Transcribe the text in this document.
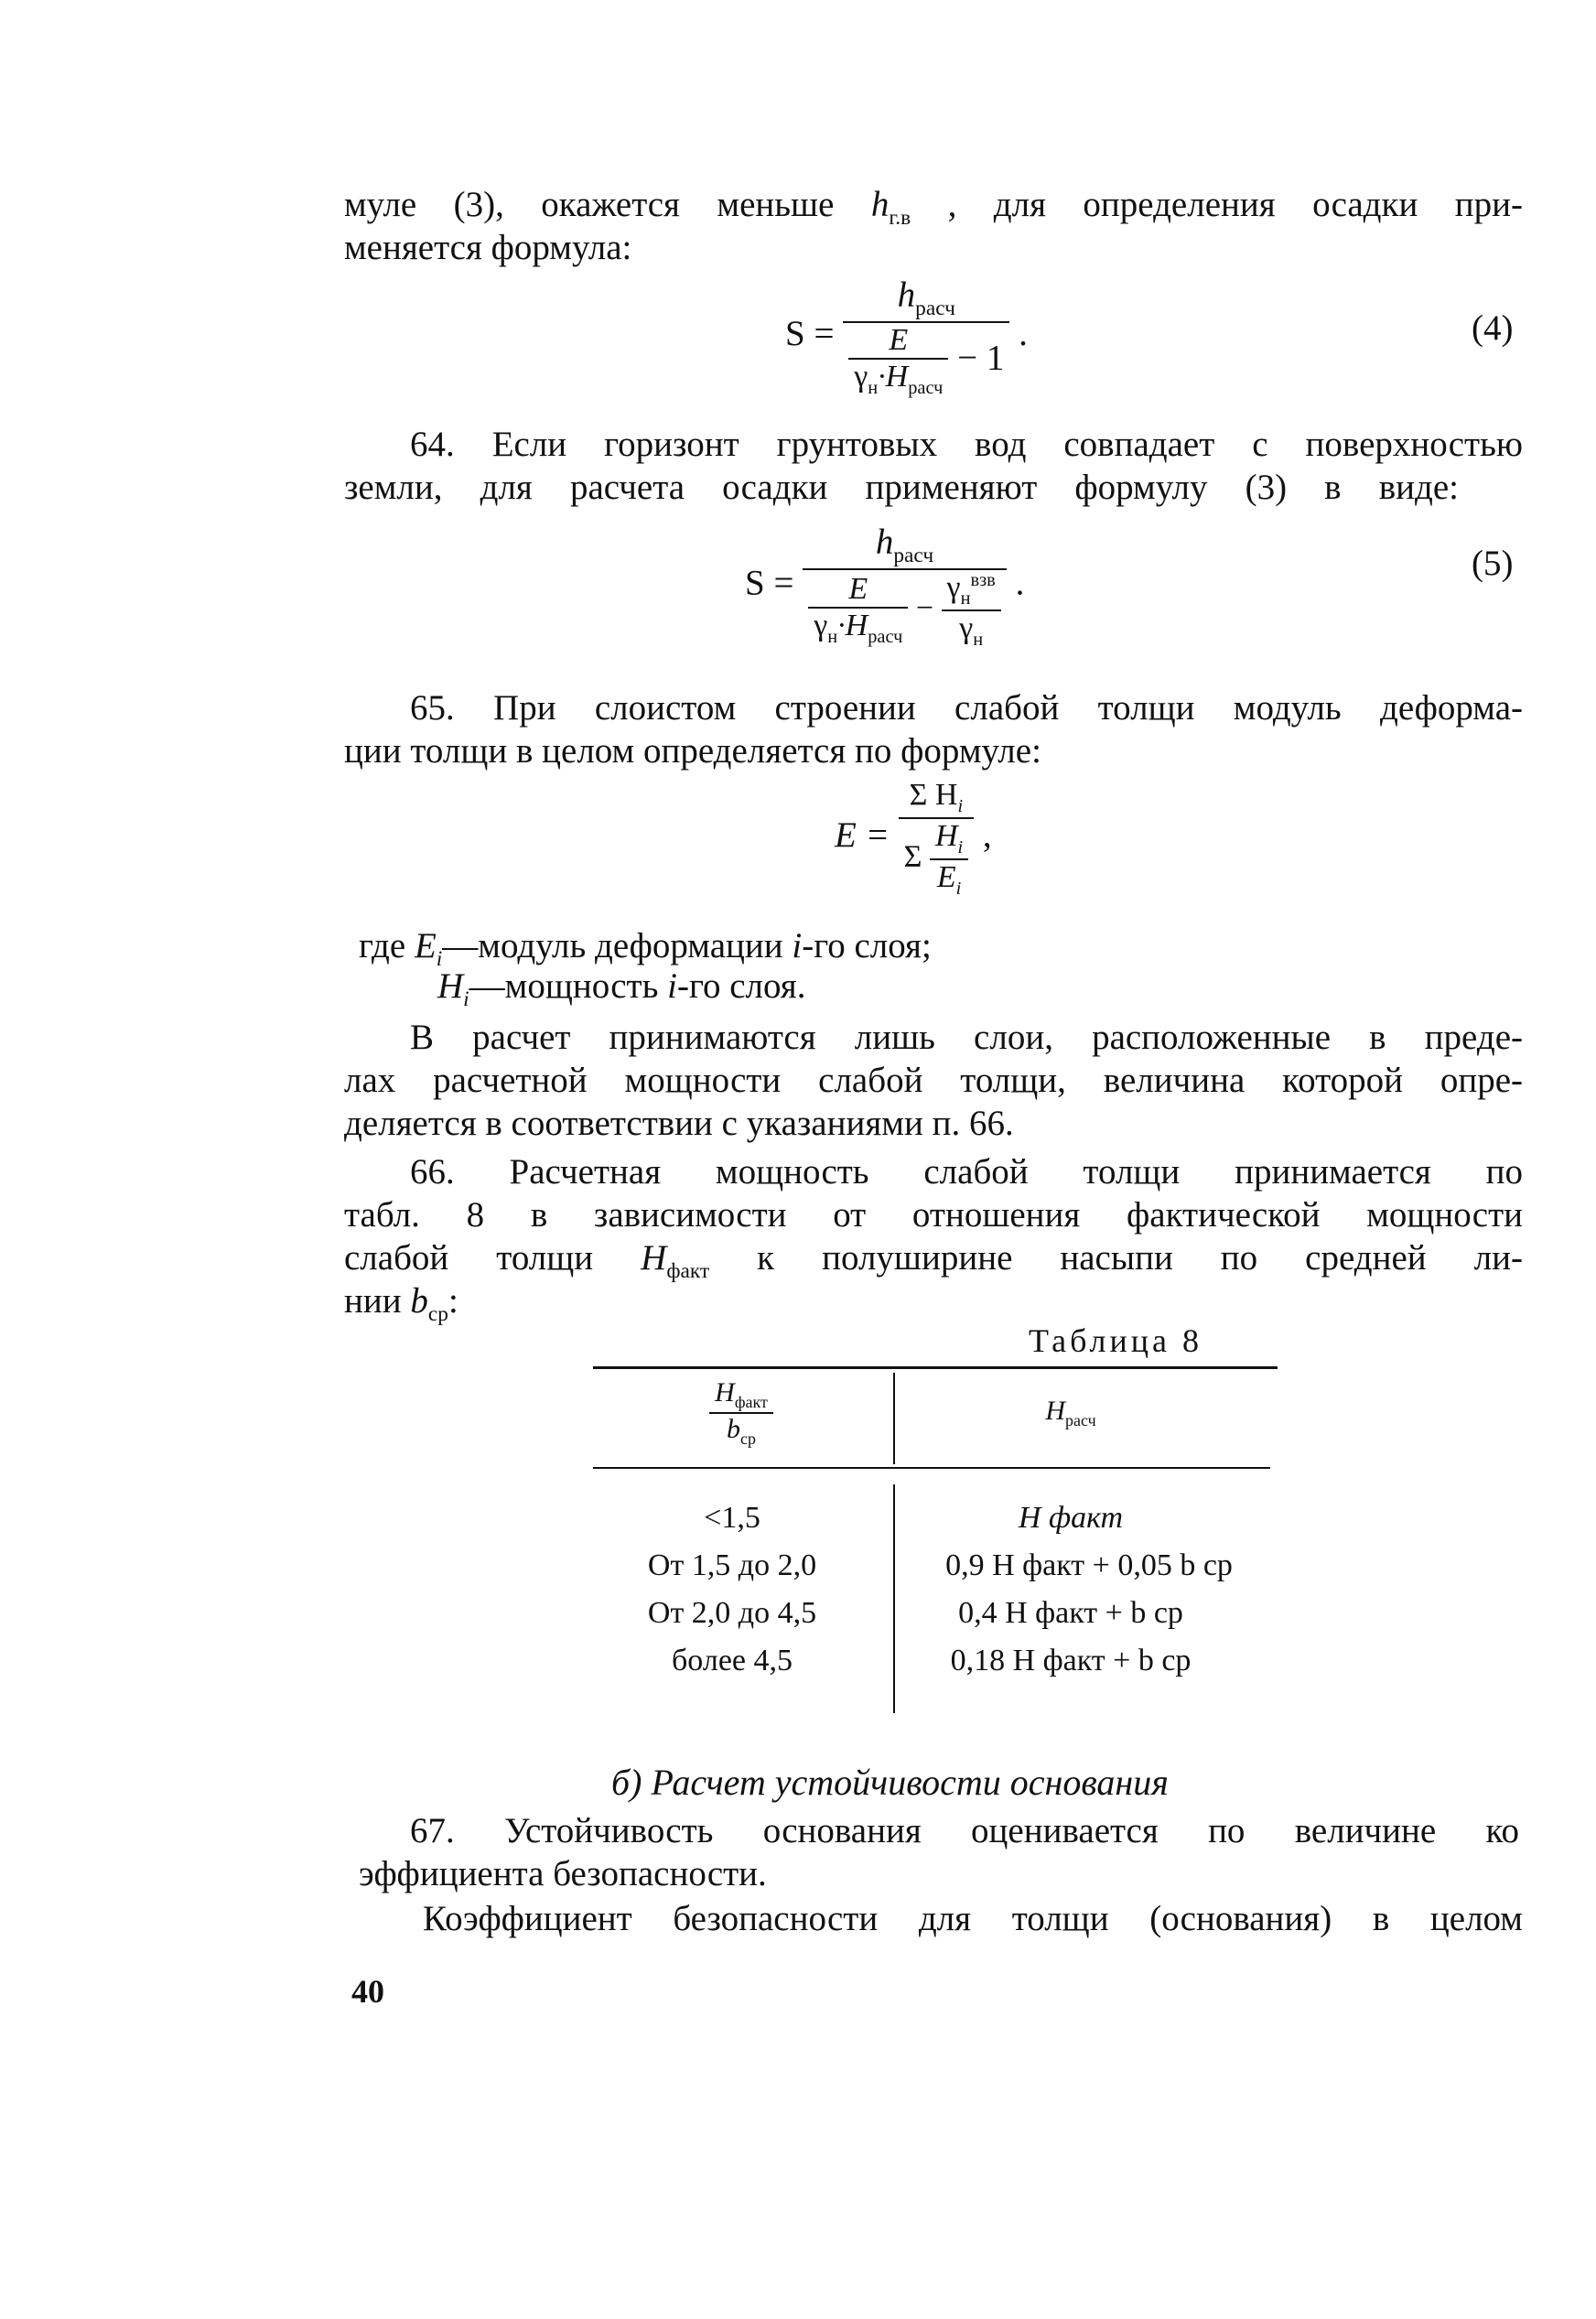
муле (3), окажется меньше $h_{г.в}$ , для определения осадки при-

меняется формула:

$S = \frac{h_{расч}}{\frac{E}{\gamma_н\cdot H_{расч}} - 1}$ .	(4)

64. Если горизонт грунтовых вод совпадает с поверхностью

земли, для расчета осадки применяют формулу (3) в виде:

S =
$h_{расч}$
$\frac{E}{\gamma_н\cdot H_{расч}} - \frac{\gamma_н^{взв}}{\gamma_н}$ .	(5)

65. При слоистом строении слабой толщи модуль деформа-

ции толщи в целом определяется по формуле:

$E = \frac{\Sigma H_i}{\Sigma \frac{H_i}{E_i}}$ ,

где $E_i—модуль$ деформации i-го слоя;

$H_i—мощность$ i-го слоя.

В расчет принимаются лишь слои, расположенные в преде-

лах расчетной мощности слабой толщи, величина которой опре-

деляется в соответствии с указаниями п. 66.

66. Расчетная мощность слабой толщи принимается по

табл. 8 в зависимости от отношения фактической мощности

слабой толщи $H_{факт}$ к полуширине насыпи по средней ли-

нии $b_{ср}$:

Таблица 8
$\frac{H_{факт}}{b_{ср}}$	$H_{расч}$
<1,5	H факт
От 1,5 до 2,0	0,9 H факт + 0,05 b ср
От 2,0 до 4,5	0,4 H факт + b ср
более 4,5	0,18 H факт + b ср
б) Расчет устойчивости основания

67. Устойчивость основания оценивается по величине ко

эффициента безопасности.

Коэффициент безопасности для толщи (основания) в целом

40
